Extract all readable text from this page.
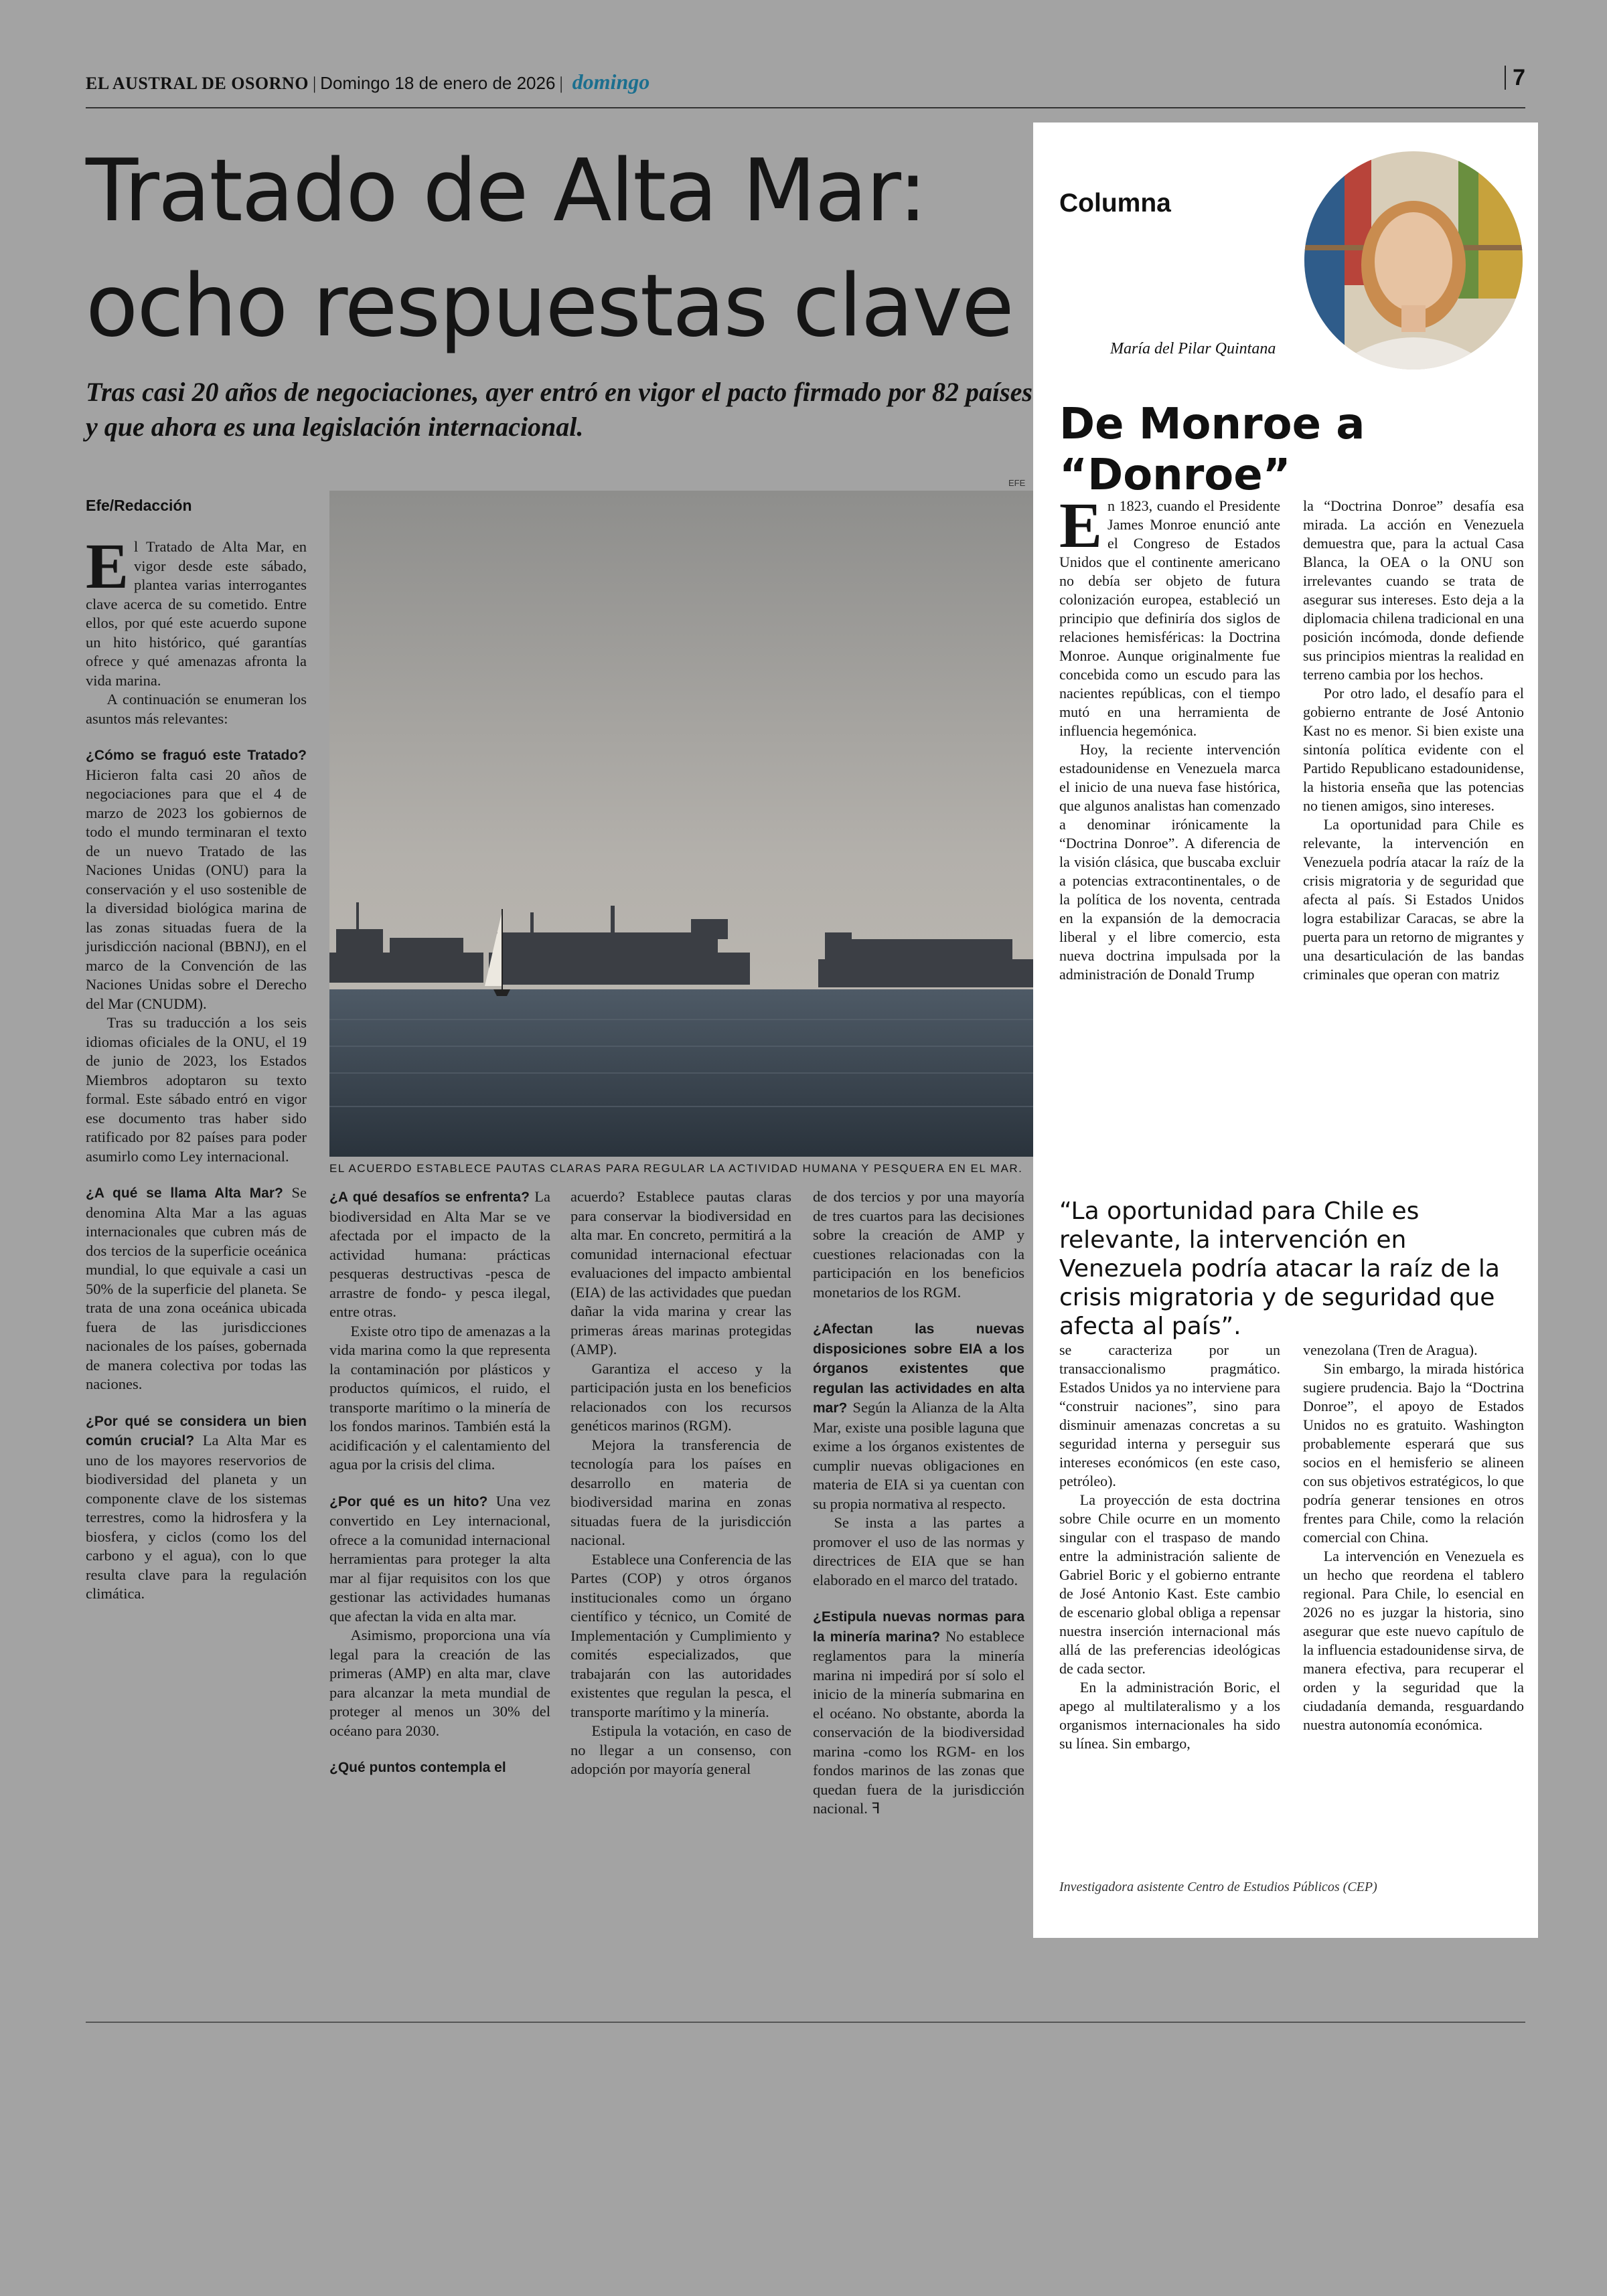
EL AUSTRAL DE OSORNO | Domingo 18 de enero de 2026 | domingo	7
Tratado de Alta Mar:
ocho respuestas clave

Tras casi 20 años de negociaciones, ayer entró en vigor el pacto firmado por 82 países y que ahora es una legislación internacional.

Efe/Redacción

El Tratado de Alta Mar, en vigor desde este sábado, plantea varias interrogantes clave acerca de su cometido. Entre ellos, por qué este acuerdo supone un hito histórico, qué garantías ofrece y qué amenazas afronta la vida marina.

A continuación se enumeran los asuntos más relevantes:

¿Cómo se fraguó este Tratado? Hicieron falta casi 20 años de negociaciones para que el 4 de marzo de 2023 los gobiernos de todo el mundo terminaran el texto de un nuevo Tratado de las Naciones Unidas (ONU) para la conservación y el uso sostenible de la diversidad biológica marina de las zonas situadas fuera de la jurisdicción nacional (BBNJ), en el marco de la Convención de las Naciones Unidas sobre el Derecho del Mar (CNUDM).

Tras su traducción a los seis idiomas oficiales de la ONU, el 19 de junio de 2023, los Estados Miembros adoptaron su texto formal. Este sábado entró en vigor ese documento tras haber sido ratificado por 82 países para poder asumirlo como Ley internacional.

¿A qué se llama Alta Mar? Se denomina Alta Mar a las aguas internacionales que cubren más de dos tercios de la superficie oceánica mundial, lo que equivale a casi un 50% de la superficie del planeta. Se trata de una zona oceánica ubicada fuera de las jurisdicciones nacionales de los países, gobernada de manera colectiva por todas las naciones.

¿Por qué se considera un bien común crucial? La Alta Mar es uno de los mayores reservorios de biodiversidad del planeta y un componente clave de los sistemas terrestres, como la hidrosfera y la biosfera, y ciclos (como los del carbono y el agua), con lo que resulta clave para la regulación climática.

EFE
EL ACUERDO ESTABLECE PAUTAS CLARAS PARA REGULAR LA ACTIVIDAD HUMANA Y PESQUERA EN EL MAR.

¿A qué desafíos se enfrenta? La biodiversidad en Alta Mar se ve afectada por el impacto de la actividad humana: prácticas pesqueras destructivas -pesca de arrastre de fondo- y pesca ilegal, entre otras.

Existe otro tipo de amenazas a la vida marina como la que representa la contaminación por plásticos y productos químicos, el ruido, el transporte marítimo o la minería de los fondos marinos. También está la acidificación y el calentamiento del agua por la crisis del clima.

¿Por qué es un hito? Una vez convertido en Ley internacional, ofrece a la comunidad internacional herramientas para proteger la alta mar al fijar requisitos con los que gestionar las actividades humanas que afectan la vida en alta mar.

Asimismo, proporciona una vía legal para la creación de las primeras (AMP) en alta mar, clave para alcanzar la meta mundial de proteger al menos un 30% del océano para 2030.

¿Qué puntos contempla el

acuerdo? Establece pautas claras para conservar la biodiversidad en alta mar. En concreto, permitirá a la comunidad internacional efectuar evaluaciones del impacto ambiental (EIA) de las actividades que puedan dañar la vida marina y crear las primeras áreas marinas protegidas (AMP).

Garantiza el acceso y la participación justa en los beneficios relacionados con los recursos genéticos marinos (RGM).

Mejora la transferencia de tecnología para los países en desarrollo en materia de biodiversidad marina en zonas situadas fuera de la jurisdicción nacional.

Establece una Conferencia de las Partes (COP) y otros órganos institucionales como un órgano científico y técnico, un Comité de Implementación y Cumplimiento y comités especializados, que trabajarán con las autoridades existentes que regulan la pesca, el transporte marítimo y la minería.

Estipula la votación, en caso de no llegar a un consenso, con adopción por mayoría general

de dos tercios y por una mayoría de tres cuartos para las decisiones sobre la creación de AMP y cuestiones relacionadas con la participación en los beneficios monetarios de los RGM.

¿Afectan las nuevas disposiciones sobre EIA a los órganos existentes que regulan las actividades en alta mar? Según la Alianza de la Alta Mar, existe una posible laguna que exime a los órganos existentes de cumplir nuevas obligaciones en materia de EIA si ya cuentan con su propia normativa al respecto.

Se insta a las partes a promover el uso de las normas y directrices de EIA que se han elaborado en el marco del tratado.

¿Estipula nuevas normas para la minería marina? No establece reglamentos para la minería marina ni impedirá por sí solo el inicio de la minería submarina en el océano. No obstante, aborda la conservación de la biodiversidad marina -como los RGM- en los fondos marinos de las zonas que quedan fuera de la jurisdicción nacional. ꟻ

Columna
María del Pilar Quintana
De Monroe a “Donroe”

En 1823, cuando el Presidente James Monroe enunció ante el Congreso de Estados Unidos que el continente americano no debía ser objeto de futura colonización europea, estableció un principio que definiría dos siglos de relaciones hemisféricas: la Doctrina Monroe. Aunque originalmente fue concebida como un escudo para las nacientes repúblicas, con el tiempo mutó en una herramienta de influencia hegemónica.

Hoy, la reciente intervención estadounidense en Venezuela marca el inicio de una nueva fase histórica, que algunos analistas han comenzado a denominar irónicamente la “Doctrina Donroe”. A diferencia de la visión clásica, que buscaba excluir a potencias extracontinentales, o de la política de los noventa, centrada en la expansión de la democracia liberal y el libre comercio, esta nueva doctrina impulsada por la administración de Donald Trump

la “Doctrina Donroe” desafía esa mirada. La acción en Venezuela demuestra que, para la actual Casa Blanca, la OEA o la ONU son irrelevantes cuando se trata de asegurar sus intereses. Esto deja a la diplomacia chilena tradicional en una posición incómoda, donde defiende sus principios mientras la realidad en terreno cambia por los hechos.

Por otro lado, el desafío para el gobierno entrante de José Antonio Kast no es menor. Si bien existe una sintonía política evidente con el Partido Republicano estadounidense, la historia enseña que las potencias no tienen amigos, sino intereses.

La oportunidad para Chile es relevante, la intervención en Venezuela podría atacar la raíz de la crisis migratoria y de seguridad que afecta al país. Si Estados Unidos logra estabilizar Caracas, se abre la puerta para un retorno de migrantes y una desarticulación de las bandas criminales que operan con matriz

“La oportunidad para Chile es relevante, la intervención en Venezuela podría atacar la raíz de la crisis migratoria y de seguridad que afecta al país”.

se caracteriza por un transaccionalismo pragmático. Estados Unidos ya no interviene para “construir naciones”, sino para disminuir amenazas concretas a su seguridad interna y perseguir sus intereses económicos (en este caso, petróleo).

La proyección de esta doctrina sobre Chile ocurre en un momento singular con el traspaso de mando entre la administración saliente de Gabriel Boric y el gobierno entrante de José Antonio Kast. Este cambio de escenario global obliga a repensar nuestra inserción internacional más allá de las preferencias ideológicas de cada sector.

En la administración Boric, el apego al multilateralismo y a los organismos internacionales ha sido su línea. Sin embargo,

venezolana (Tren de Aragua).

Sin embargo, la mirada histórica sugiere prudencia. Bajo la “Doctrina Donroe”, el apoyo de Estados Unidos no es gratuito. Washington probablemente esperará que sus socios en el hemisferio se alineen con sus objetivos estratégicos, lo que podría generar tensiones en otros frentes para Chile, como la relación comercial con China.

La intervención en Venezuela es un hecho que reordena el tablero regional. Para Chile, lo esencial en 2026 no es juzgar la historia, sino asegurar que este nuevo capítulo de la influencia estadounidense sirva, de manera efectiva, para recuperar el orden y la seguridad que la ciudadanía demanda, resguardando nuestra autonomía económica.

Investigadora asistente Centro de Estudios Públicos (CEP)
